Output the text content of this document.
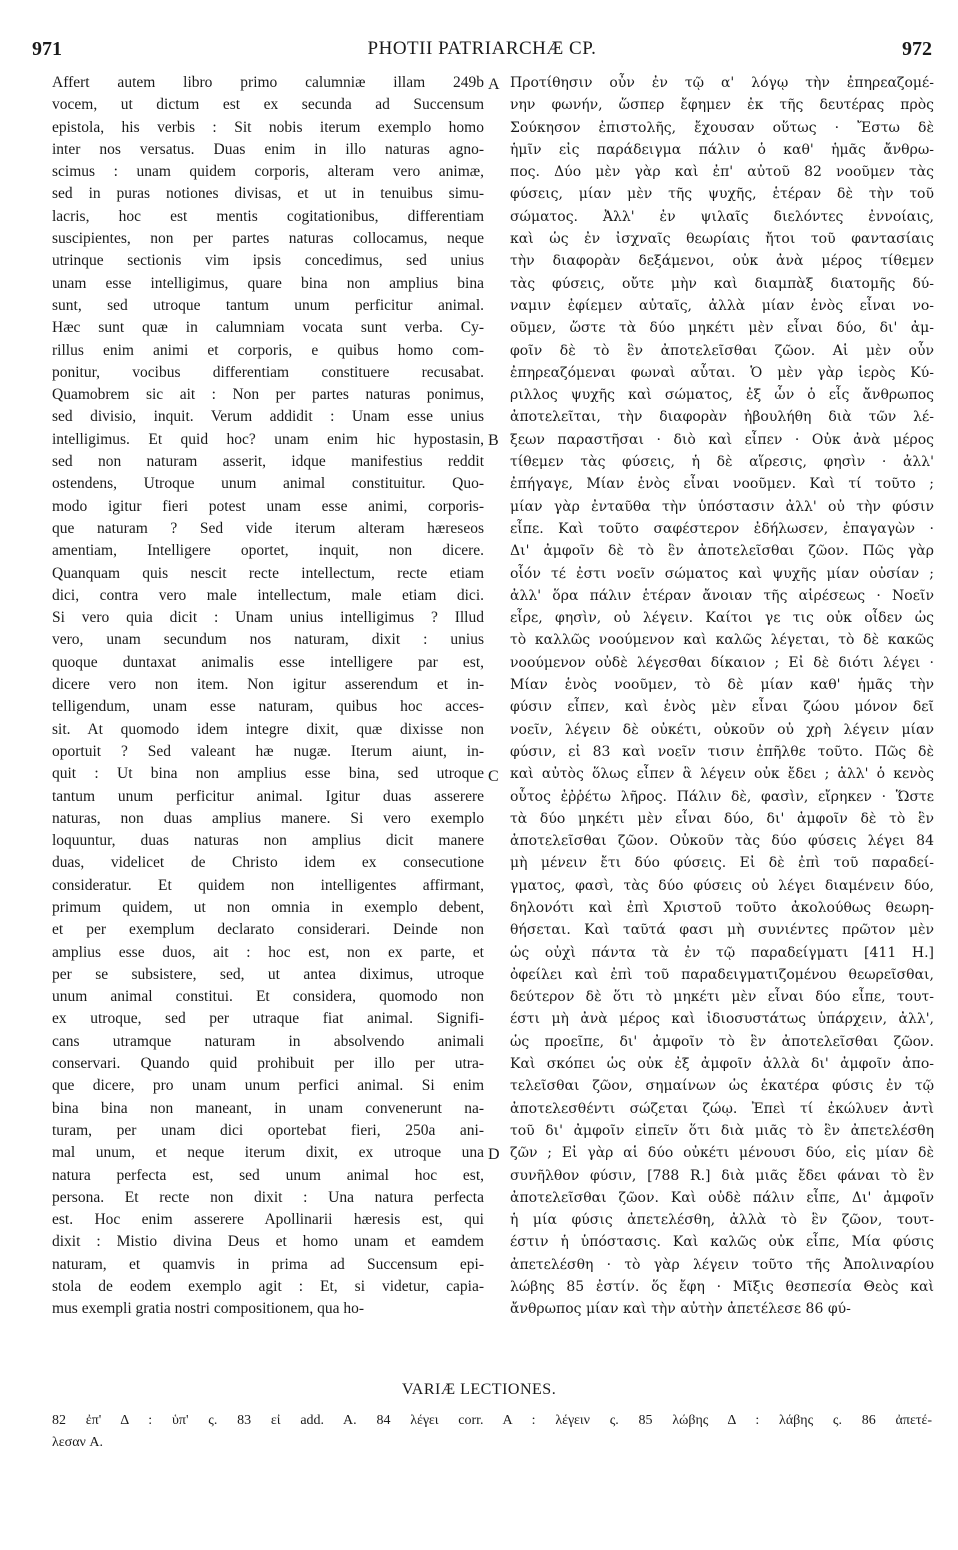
971	PHOTII PATRIARCHÆ CP.	972
Affert autem libro primo calumniæ illam 249b
vocem, ut dictum est ex secunda ad Succensum
epistola, his verbis : Sit nobis iterum exemplo homo
inter nos versatus. Duas enim in illo naturas agno-
scimus : unam quidem corporis, alteram vero animæ,
sed in puras notiones divisas, et ut in tenuibus simu-
lacris, hoc est mentis cogitationibus, differentiam
suscipientes, non per partes naturas collocamus, neque
utrinque sectionis vim ipsis concedimus, sed unius
unam esse intelligimus, quare bina non amplius bina
sunt, sed utroque tantum unum perficitur animal.
Hæc sunt quæ in calumniam vocata sunt verba. Cy-
rillus enim animi et corporis, e quibus homo com-
ponitur, vocibus differentiam constituere recusabat.
Quamobrem sic ait : Non per partes naturas ponimus,
sed divisio, inquit. Verum addidit : Unam esse unius
intelligimus. Et quid hoc? unam enim hic hypostasin,
sed non naturam asserit, idque manifestius reddit
ostendens, Utroque unum animal constituitur. Quo-
modo igitur fieri potest unam esse animi, corporis-
que naturam ? Sed vide iterum alteram hæreseos
amentiam, Intelligere oportet, inquit, non dicere.
Quanquam quis nescit recte intellectum, recte etiam
dici, contra vero male intellectum, male etiam dici.
Si vero quia dicit : Unam unius intelligimus ? Illud
vero, unam secundum nos naturam, dixit : unius
quoque duntaxat animalis esse intelligere par est,
dicere vero non item. Non igitur asserendum et in-
telligendum, unam esse naturam, quibus hoc acces-
sit. At quomodo idem integre dixit, quæ dixisse non
oportuit ? Sed valeant hæ nugæ. Iterum aiunt, in-
quit : Ut bina non amplius esse bina, sed utroque
tantum unum perficitur animal. Igitur duas asserere
naturas, non duas amplius manere. Si vero exemplo
loquuntur, duas naturas non amplius dicit manere
duas, videlicet de Christo idem ex consecutione
consideratur. Et quidem non intelligentes affirmant,
primum quidem, ut non omnia in exemplo debent,
et per exemplum declarato considerari. Deinde non
amplius esse duos, ait : hoc est, non ex parte, et
per se subsistere, sed, ut antea diximus, utroque
unum animal constitui. Et considera, quomodo non
ex utroque, sed per utraque fiat animal. Signifi-
cans utramque naturam in absolvendo animali
conservari. Quando quid prohibuit per illo per utra-
que dicere, pro unam unum perfici animal. Si enim
bina bina non maneant, in unam convenerunt na-
turam, per unam dici oportebat fieri, 250a ani-
mal unum, et neque iterum dixit, ex utroque una
natura perfecta est, sed unum animal hoc est,
persona. Et recte non dixit : Una natura perfecta
est. Hoc enim asserere Apollinarii hæresis est, qui
dixit : Mistio divina Deus et homo unam et eamdem
naturam, et quamvis in prima ad Succensum epi-
stola de eodem exemplo agit : Et, si videtur, capia-
mus exempli gratia nostri compositionem, qua ho-
Προτίθησιν οὖν ἐν τῷ α' λόγῳ τὴν ἐπηρεαζομέ-
νην φωνήν, ὥσπερ ἔφημεν ἐκ τῆς δευτέρας πρὸς
Σούκησον ἐπιστολῆς, ἔχουσαν οὕτως · Ἔστω δὲ
ἡμῖν εἰς παράδειγμα πάλιν ὁ καθ' ἡμᾶς ἄνθρω-
πος. Δύο μὲν γὰρ καὶ ἐπ' αὐτοῦ 82 νοοῦμεν τὰς
φύσεις, μίαν μὲν τῆς ψυχῆς, ἑτέραν δὲ τὴν τοῦ
σώματος. Ἀλλ' ἐν ψιλαῖς διελόντες ἐννοίαις,
καὶ ὡς ἐν ἰσχναῖς θεωρίαις ἤτοι τοῦ φαντασίαις
τὴν διαφορὰν δεξάμενοι, οὐκ ἀνὰ μέρος τίθεμεν
τὰς φύσεις, οὔτε μὴν καὶ διαμπὰξ διατομῆς δύ-
ναμιν ἐφίεμεν αὐταῖς, ἀλλὰ μίαν ἑνὸς εἶναι νο-
οῦμεν, ὥστε τὰ δύο μηκέτι μὲν εἶναι δύο, δι' ἀμ-
φοῖν δὲ τὸ ἓν ἀποτελεῖσθαι ζῶον. Αἱ μὲν οὖν
ἐπηρεαζόμεναι φωναὶ αὗται. Ὁ μὲν γὰρ ἱερὸς Κύ-
ριλλος ψυχῆς καὶ σώματος, ἐξ ὧν ὁ εἷς ἄνθρωπος
ἀποτελεῖται, τὴν διαφορὰν ἠβουλήθη διὰ τῶν λέ-
ξεων παραστῆσαι · διὸ καὶ εἶπεν · Οὐκ ἀνὰ μέρος
τίθεμεν τὰς φύσεις, ἡ δὲ αἵρεσις, φησὶν · ἀλλ'
ἐπήγαγε, Μίαν ἑνὸς εἶναι νοοῦμεν. Καὶ τί τοῦτο ;
μίαν γὰρ ἐνταῦθα τὴν ὑπόστασιν ἀλλ' οὐ τὴν φύσιν
εἶπε. Καὶ τοῦτο σαφέστερον ἐδήλωσεν, ἐπαγαγὼν ·
Δι' ἀμφοῖν δὲ τὸ ἓν ἀποτελεῖσθαι ζῶον. Πῶς γὰρ
οἷόν τέ ἐστι νοεῖν σώματος καὶ ψυχῆς μίαν οὐσίαν ;
ἀλλ' ὅρα πάλιν ἑτέραν ἄνοιαν τῆς αἱρέσεως · Νοεῖν
εἶρε, φησὶν, οὐ λέγειν. Καίτοι γε τις οὐκ οἶδεν ὡς
τὸ καλλῶς νοούμενον καὶ καλῶς λέγεται, τὸ δὲ κακῶς
νοούμενον οὐδὲ λέγεσθαι δίκαιον ; Εἰ δὲ διότι λέγει ·
Μίαν ἑνὸς νοοῦμεν, τὸ δὲ μίαν καθ' ἡμᾶς τὴν
φύσιν εἶπεν, καὶ ἑνὸς μὲν εἶναι ζώου μόνον δεῖ
νοεῖν, λέγειν δὲ οὐκέτι, οὐκοῦν οὐ χρὴ λέγειν μίαν
φύσιν, εἰ 83 καὶ νοεῖν τισιν ἐπῆλθε τοῦτο. Πῶς δὲ
καὶ αὐτὸς ὅλως εἶπεν ἃ λέγειν οὐκ ἔδει ; ἀλλ' ὁ κενὸς
οὗτος ἐῤῥέτω λῆρος. Πάλιν δὲ, φασὶν, εἴρηκεν · Ὥστε
τὰ δύο μηκέτι μὲν εἶναι δύο, δι' ἀμφοῖν δὲ τὸ ἓν
ἀποτελεῖσθαι ζῶον. Οὐκοῦν τὰς δύο φύσεις λέγει 84
μὴ μένειν ἔτι δύο φύσεις. Εἰ δὲ ἐπὶ τοῦ παραδεί-
γματος, φασὶ, τὰς δύο φύσεις οὐ λέγει διαμένειν δύο,
δηλονότι καὶ ἐπὶ Χριστοῦ τοῦτο ἀκολούθως θεωρη-
θήσεται. Καὶ ταῦτά φασι μὴ συνιέντες πρῶτον μὲν
ὡς οὐχὶ πάντα τὰ ἐν τῷ παραδείγματι [411 H.]
ὀφείλει καὶ ἐπὶ τοῦ παραδειγματιζομένου θεωρεῖσθαι,
δεύτερον δὲ ὅτι τὸ μηκέτι μὲν εἶναι δύο εἶπε, τουτ-
έστι μὴ ἀνὰ μέρος καὶ ἰδιοσυστάτως ὑπάρχειν, ἀλλ',
ὡς προεῖπε, δι' ἀμφοῖν τὸ ἓν ἀποτελεῖσθαι ζῶον.
Καὶ σκόπει ὡς οὐκ ἐξ ἀμφοῖν ἀλλὰ δι' ἀμφοῖν ἀπο-
τελεῖσθαι ζῶον, σημαίνων ὡς ἑκατέρα φύσις ἐν τῷ
ἀποτελεσθέντι σώζεται ζώῳ. Ἐπεὶ τί ἐκώλυεν ἀντὶ
τοῦ δι' ἀμφοῖν εἰπεῖν ὅτι διὰ μιᾶς τὸ ἓν ἀπετελέσθη
ζῶν ; Εἰ γὰρ αἱ δύο οὐκέτι μένουσι δύο, εἰς μίαν δὲ
συνῆλθον φύσιν, [788 R.] διὰ μιᾶς ἔδει φάναι τὸ ἓν
ἀποτελεῖσθαι ζῶον. Καὶ οὐδὲ πάλιν εἶπε, Δι' ἀμφοῖν
ἡ μία φύσις ἀπετελέσθη, ἀλλὰ τὸ ἓν ζῶον, τουτ-
έστιν ἡ ὑπόστασις. Καὶ καλῶς οὐκ εἶπε, Μία φύσις
ἀπετελέσθη · τὸ γὰρ λέγειν τοῦτο τῆς Ἀπολιναρίου
λώβης 85 ἐστίν. ὅς ἔφη · Μῖξις θεσπεσία Θεὸς καὶ
ἄνθρωπος μίαν καὶ τὴν αὐτὴν ἀπετέλεσε 86 φύ-
A
B
C
D
VARIÆ LECTIONES.
82 ἐπ' Δ : ὑπ' ς. 83 εἰ add. A. 84 λέγει corr. A : λέγειν ς. 85 λώβης Δ : λάβης ς. 86 ἀπετέ-
λεσαν A.
